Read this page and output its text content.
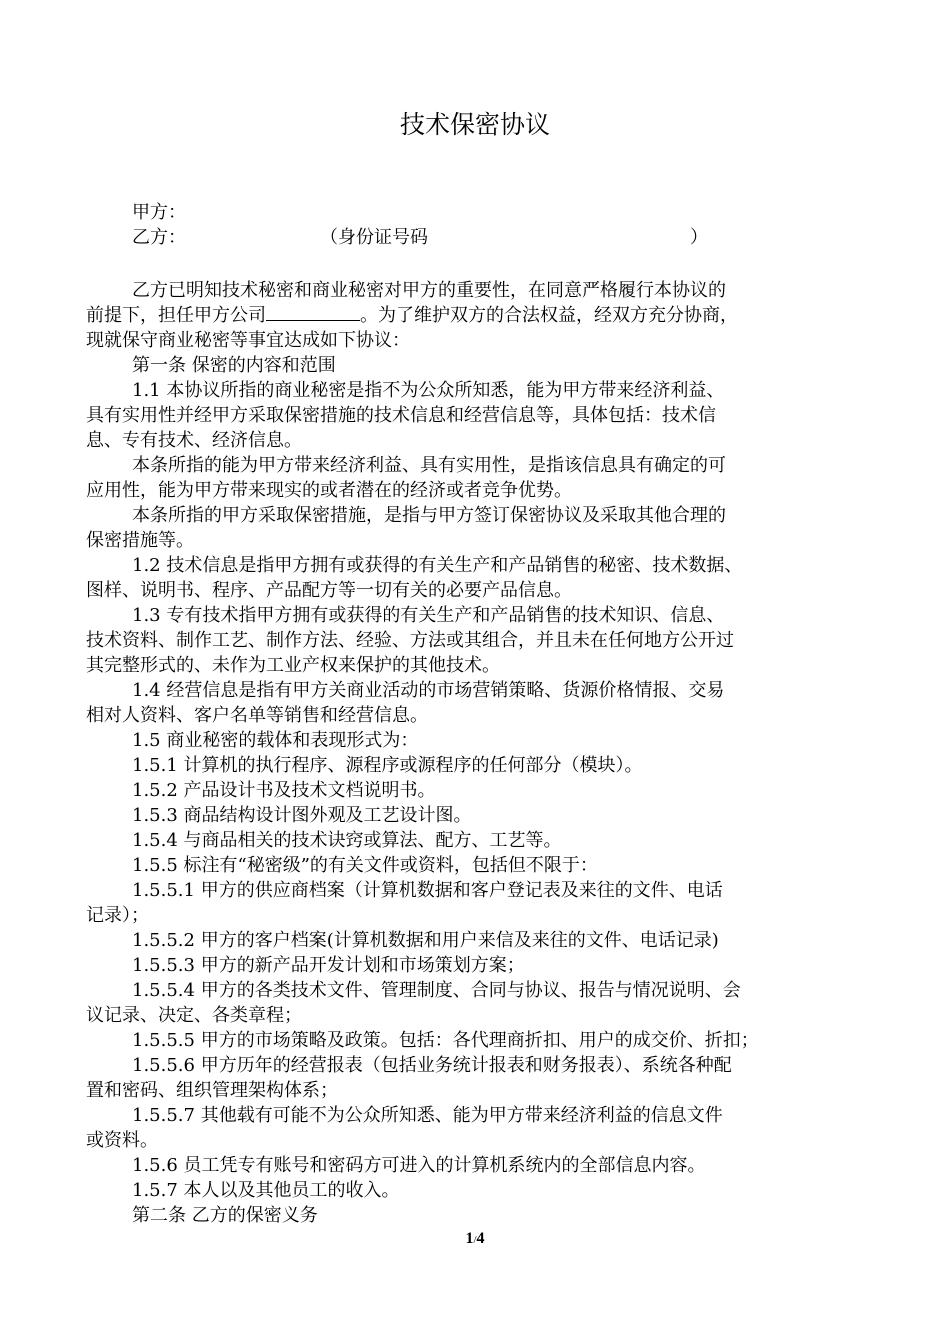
技术保密协议
甲方：
乙方：	（身份证号码	）
乙方已明知技术秘密和商业秘密对甲方的重要性，在同意严格履行本协议的
前提下，担任甲方公司	。为了维护双方的合法权益，经双方充分协商，
现就保守商业秘密等事宜达成如下协议：
第一条 保密的内容和范围
1.1 本协议所指的商业秘密是指不为公众所知悉，能为甲方带来经济利益、
具有实用性并经甲方采取保密措施的技术信息和经营信息等，具体包括：技术信
息、专有技术、经济信息。
本条所指的能为甲方带来经济利益、具有实用性，是指该信息具有确定的可
应用性，能为甲方带来现实的或者潜在的经济或者竞争优势。
本条所指的甲方采取保密措施，是指与甲方签订保密协议及采取其他合理的
保密措施等。
1.2 技术信息是指甲方拥有或获得的有关生产和产品销售的秘密、技术数据、
图样、说明书、程序、产品配方等一切有关的必要产品信息。
1.3 专有技术指甲方拥有或获得的有关生产和产品销售的技术知识、信息、
技术资料、制作工艺、制作方法、经验、方法或其组合，并且未在任何地方公开过
其完整形式的、未作为工业产权来保护的其他技术。
1.4 经营信息是指有甲方关商业活动的市场营销策略、货源价格情报、交易
相对人资料、客户名单等销售和经营信息。
1.5 商业秘密的载体和表现形式为：
1.5.1 计算机的执行程序、源程序或源程序的任何部分（模块）。
1.5.2 产品设计书及技术文档说明书。
1.5.3 商品结构设计图外观及工艺设计图。
1.5.4 与商品相关的技术诀窍或算法、配方、工艺等。
1.5.5 标注有“秘密级”的有关文件或资料，包括但不限于：
1.5.5.1 甲方的供应商档案（计算机数据和客户登记表及来往的文件、电话
记录）；
1.5.5.2 甲方的客户档案(计算机数据和用户来信及来往的文件、电话记录)
1.5.5.3 甲方的新产品开发计划和市场策划方案；
1.5.5.4 甲方的各类技术文件、管理制度、合同与协议、报告与情况说明、会
议记录、决定、各类章程；
1.5.5.5 甲方的市场策略及政策。包括：各代理商折扣、用户的成交价、折扣；
1.5.5.6 甲方历年的经营报表（包括业务统计报表和财务报表）、系统各种配
置和密码、组织管理架构体系；
1.5.5.7 其他载有可能不为公众所知悉、能为甲方带来经济利益的信息文件
或资料。
1.5.6 员工凭专有账号和密码方可进入的计算机系统内的全部信息内容。
1.5.7 本人以及其他员工的收入。
第二条 乙方的保密义务
1/4
